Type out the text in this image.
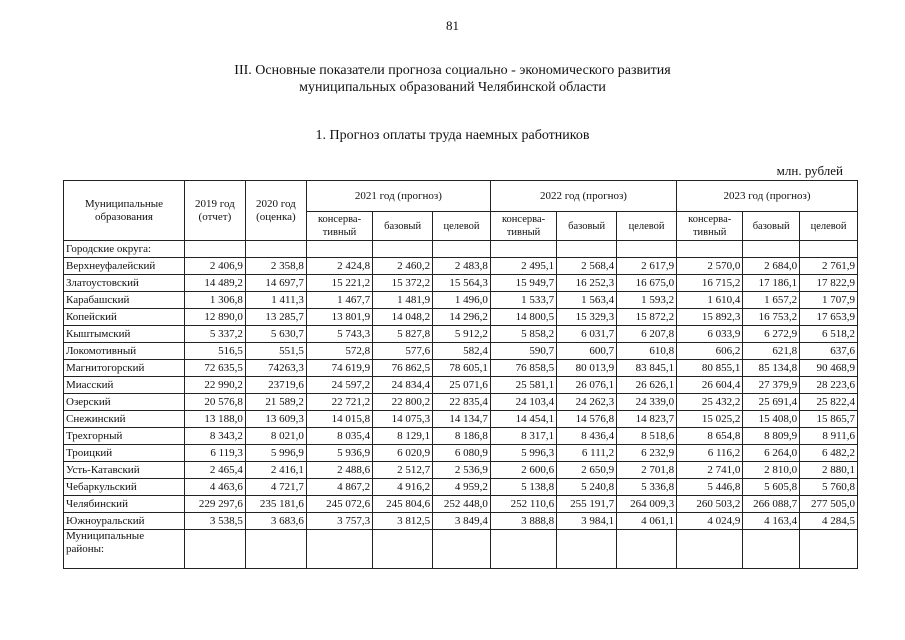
81
III. Основные показатели прогноза социально - экономического развития
муниципальных образований Челябинской области
1. Прогноз оплаты труда наемных работников
млн. рублей
Муниципальные образования	2019 год (отчет)	2020 год (оценка)	2021 год (прогноз)			2022 год (прогноз)			2023 год (прогноз)		
			консерва-тивный	базовый	целевой	консерва-тивный	базовый	целевой	консерва-тивный	базовый	целевой
Городские округа:											
Верхнеуфалейский	2 406,9	2 358,8	2 424,8	2 460,2	2 483,8	2 495,1	2 568,4	2 617,9	2 570,0	2 684,0	2 761,9
Златоустовский	14 489,2	14 697,7	15 221,2	15 372,2	15 564,3	15 949,7	16 252,3	16 675,0	16 715,2	17 186,1	17 822,9
Карабашский	1 306,8	1 411,3	1 467,7	1 481,9	1 496,0	1 533,7	1 563,4	1 593,2	1 610,4	1 657,2	1 707,9
Копейский	12 890,0	13 285,7	13 801,9	14 048,2	14 296,2	14 800,5	15 329,3	15 872,2	15 892,3	16 753,2	17 653,9
Кыштымский	5 337,2	5 630,7	5 743,3	5 827,8	5 912,2	5 858,2	6 031,7	6 207,8	6 033,9	6 272,9	6 518,2
Локомотивный	516,5	551,5	572,8	577,6	582,4	590,7	600,7	610,8	606,2	621,8	637,6
Магнитогорский	72 635,5	74263,3	74 619,9	76 862,5	78 605,1	76 858,5	80 013,9	83 845,1	80 855,1	85 134,8	90 468,9
Миасский	22 990,2	23719,6	24 597,2	24 834,4	25 071,6	25 581,1	26 076,1	26 626,1	26 604,4	27 379,9	28 223,6
Озерский	20 576,8	21 589,2	22 721,2	22 800,2	22 835,4	24 103,4	24 262,3	24 339,0	25 432,2	25 691,4	25 822,4
Снежинский	13 188,0	13 609,3	14 015,8	14 075,3	14 134,7	14 454,1	14 576,8	14 823,7	15 025,2	15 408,0	15 865,7
Трехгорный	8 343,2	8 021,0	8 035,4	8 129,1	8 186,8	8 317,1	8 436,4	8 518,6	8 654,8	8 809,9	8 911,6
Троицкий	6 119,3	5 996,9	5 936,9	6 020,9	6 080,9	5 996,3	6 111,2	6 232,9	6 116,2	6 264,0	6 482,2
Усть-Катавский	2 465,4	2 416,1	2 488,6	2 512,7	2 536,9	2 600,6	2 650,9	2 701,8	2 741,0	2 810,0	2 880,1
Чебаркульский	4 463,6	4 721,7	4 867,2	4 916,2	4 959,2	5 138,8	5 240,8	5 336,8	5 446,8	5 605,8	5 760,8
Челябинский	229 297,6	235 181,6	245 072,6	245 804,6	252 448,0	252 110,6	255 191,7	264 009,3	260 503,2	266 088,7	277 505,0
Южноуральский	3 538,5	3 683,6	3 757,3	3 812,5	3 849,4	3 888,8	3 984,1	4 061,1	4 024,9	4 163,4	4 284,5
Муниципальные районы:											
